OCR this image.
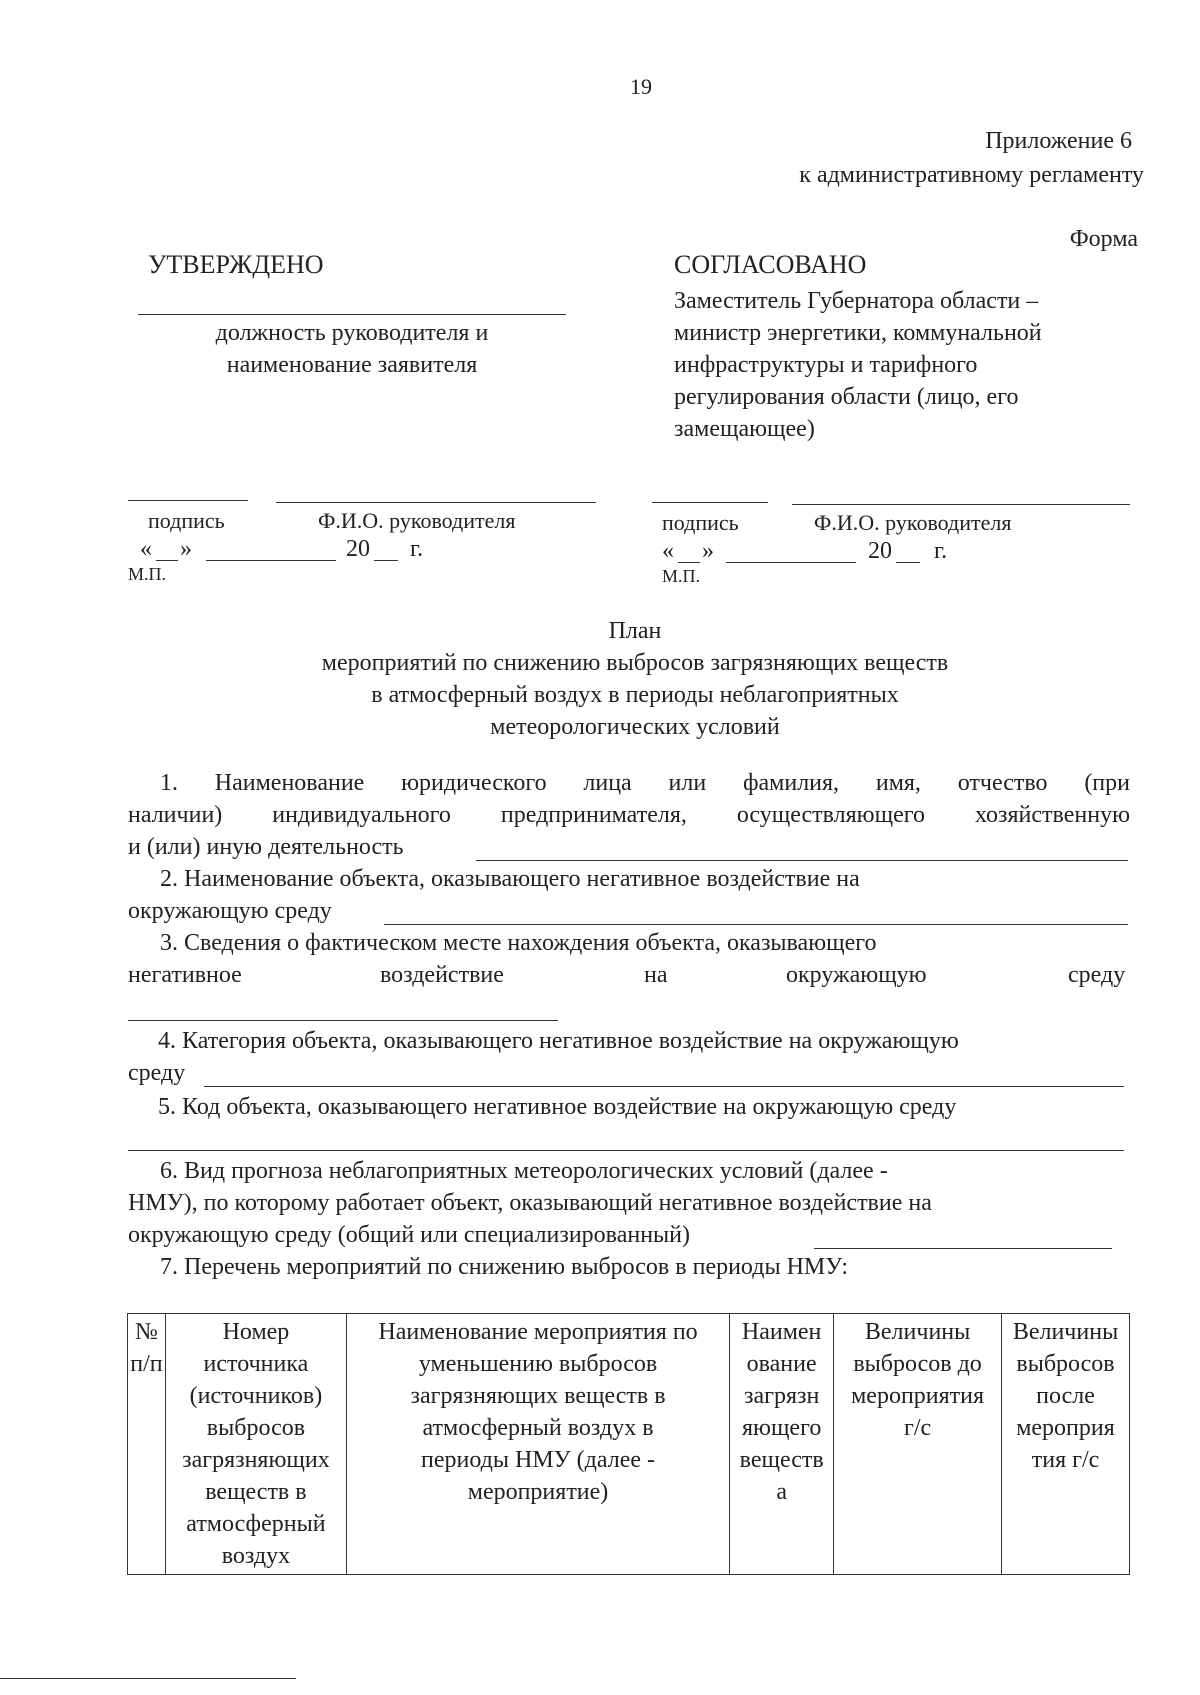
19
Приложение 6
к административному регламенту
Форма
УТВЕРЖДЕНО
должность руководителя и
наименование заявителя
подпись	Ф.И.О. руководителя
« »	20 г.
М.П.
СОГЛАСОВАНО
Заместитель Губернатора области –
министр энергетики, коммунальной
инфраструктуры и тарифного
регулирования области (лицо, его
замещающее)
подпись	Ф.И.О. руководителя
« »	20 г.
М.П.
План
мероприятий по снижению выбросов загрязняющих веществ
в атмосферный воздух в периоды неблагоприятных
метеорологических условий
1. Наименование юридического лица или фамилия, имя, отчество (при
наличии) индивидуального предпринимателя, осуществляющего хозяйственную
и (или) иную деятельность
2. Наименование объекта, оказывающего негативное воздействие на
окружающую среду
3. Сведения о фактическом месте нахождения объекта, оказывающего
негативное	воздействие	на	окружающую	среду
4. Категория объекта, оказывающего негативное воздействие на окружающую
среду
5. Код объекта, оказывающего негативное воздействие на окружающую среду
6. Вид прогноза неблагоприятных метеорологических условий (далее -
НМУ), по которому работает объект, оказывающий негативное воздействие на
окружающую среду (общий или специализированный)
7. Перечень мероприятий по снижению выбросов в периоды НМУ:
№
п/п

Номер
источника
(источников)
выбросов
загрязняющих
веществ в
атмосферный
воздух

Наименование мероприятия по
уменьшению выбросов
загрязняющих веществ в
атмосферный воздух в
периоды НМУ (далее -
мероприятие)

Наимен
ование
загрязн
яющего
веществ
а

Величины
выбросов до
мероприятия
г/с

Величины
выбросов
после
мероприя
тия г/с
